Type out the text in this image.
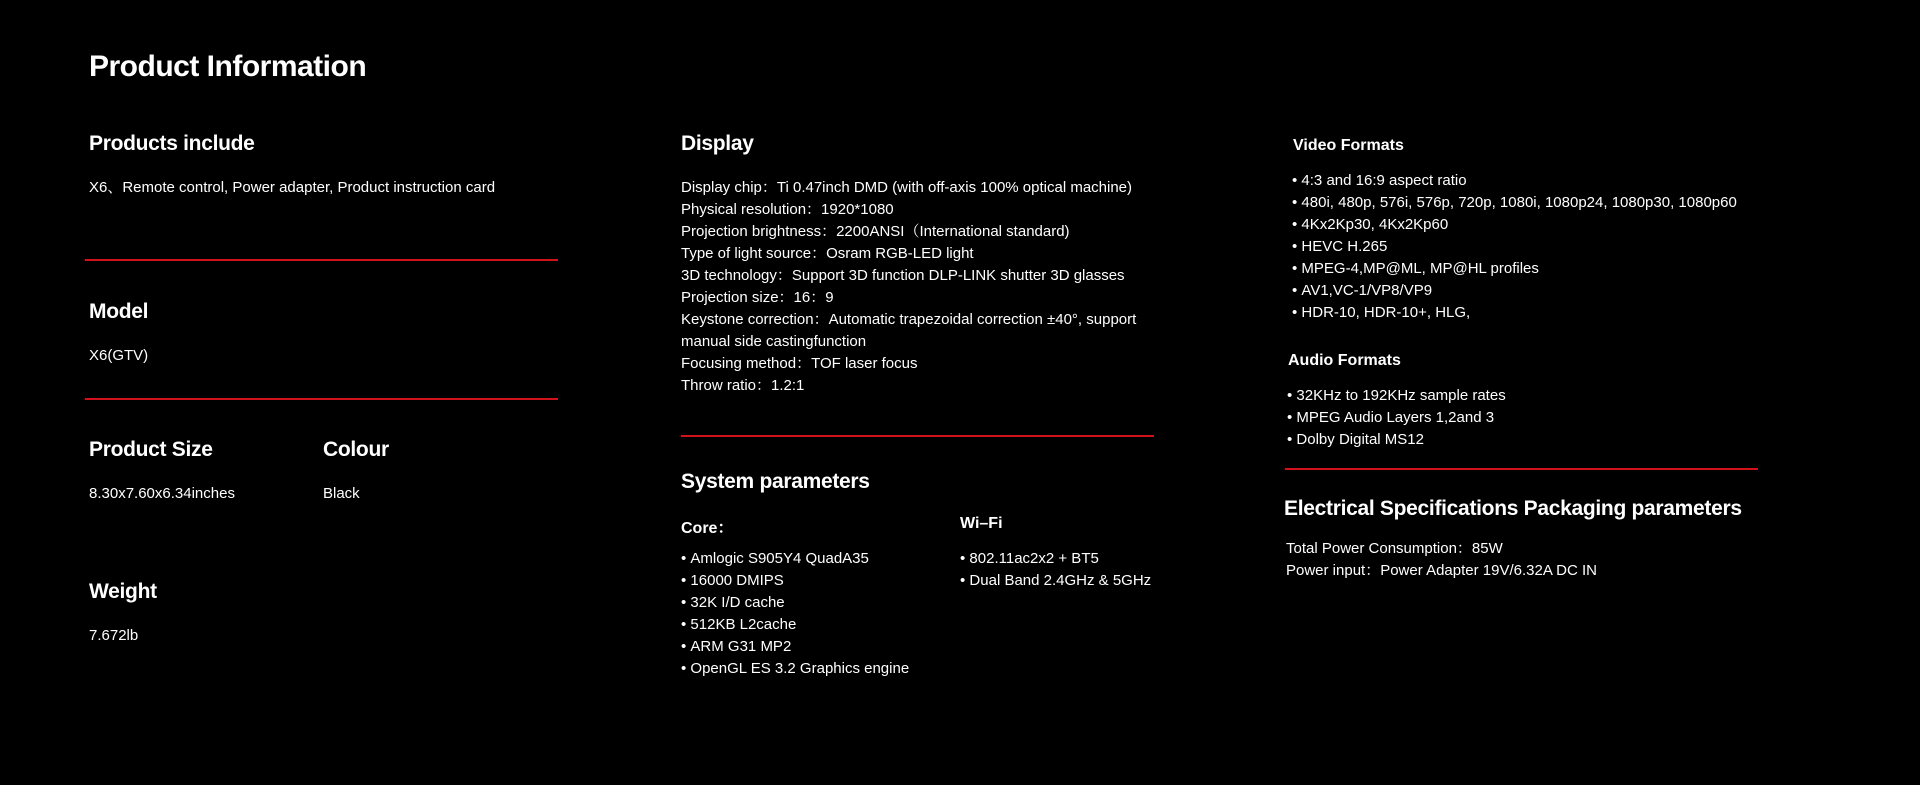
Product Information
Products include
X6、Remote control, Power adapter, Product instruction card
Model
X6(GTV)
Product Size
8.30x7.60x6.34inches
Colour
Black
Weight
7.672lb
Display
Display chip：Ti 0.47inch DMD (with off-axis 100% optical machine)
Physical resolution：1920*1080
Projection brightness：2200ANSI（International standard)
Type of light source：Osram RGB-LED light
3D technology：Support 3D function DLP-LINK shutter 3D glasses
Projection size：16：9
Keystone correction：Automatic trapezoidal correction ±40°, support
manual side castingfunction
Focusing method：TOF laser focus
Throw ratio：1.2:1
System parameters
Core：
• Amlogic S905Y4 QuadA35
• 16000 DMIPS
• 32K I/D cache
• 512KB L2cache
• ARM G31 MP2
• OpenGL ES 3.2 Graphics engine
Wi–Fi
• 802.11ac2x2 + BT5
• Dual Band 2.4GHz & 5GHz
Video Formats
• 4:3 and 16:9 aspect ratio
• 480i, 480p, 576i, 576p, 720p, 1080i, 1080p24, 1080p30, 1080p60
• 4Kx2Kp30, 4Kx2Kp60
• HEVC H.265
• MPEG-4,MP@ML, MP@HL profiles
• AV1,VC-1/VP8/VP9
• HDR-10, HDR-10+, HLG,
Audio Formats
• 32KHz to 192KHz sample rates
• MPEG Audio Layers 1,2and 3
• Dolby Digital MS12
Electrical Specifications Packaging parameters
Total Power Consumption：85W
Power input：Power Adapter 19V/6.32A DC IN
